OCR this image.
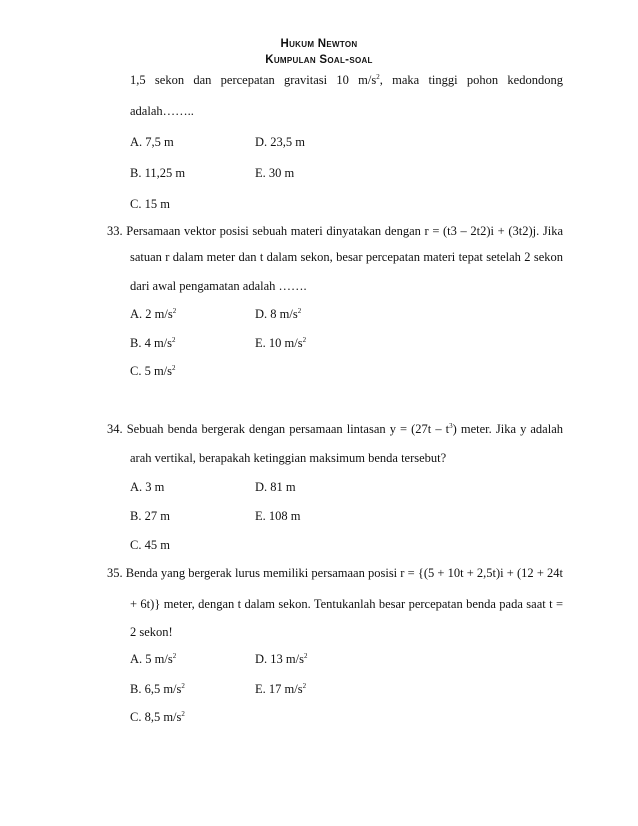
Hukum Newton
Kumpulan Soal-soal
1,5 sekon dan percepatan gravitasi 10 $m/s^2$, maka tinggi pohon kedondong
adalah……..
A. 7,5 m	D. 23,5 m
B. 11,25 m	E. 30 m
C. 15 m
33. Persamaan vektor posisi sebuah materi dinyatakan dengan r = (t3 – 2t2)i + (3t2)j. Jika
satuan r dalam meter dan t dalam sekon, besar percepatan materi tepat setelah 2 sekon
dari awal pengamatan adalah …….
A. 2 $m/s^2$	D. 8 $m/s^2$
B. 4 $m/s^2$	E. 10 $m/s^2$
C. 5 $m/s^2$
34. Sebuah benda bergerak dengan persamaan lintasan $y = (27t - t^3)$ meter. Jika y adalah
arah vertikal, berapakah ketinggian maksimum benda tersebut?
A. 3 m	D. 81 m
B. 27 m	E. 108 m
C. 45 m
35. Benda yang bergerak lurus memiliki persamaan posisi r = {(5 + 10t + 2,5t)i + (12 + 24t
+ 6t)} meter, dengan t dalam sekon. Tentukanlah besar percepatan benda pada saat t =
2 sekon!
A. 5 $m/s^2$	D. 13 $m/s^2$
B. 6,5 $m/s^2$	E. 17 $m/s^2$
C. 8,5 $m/s^2$
